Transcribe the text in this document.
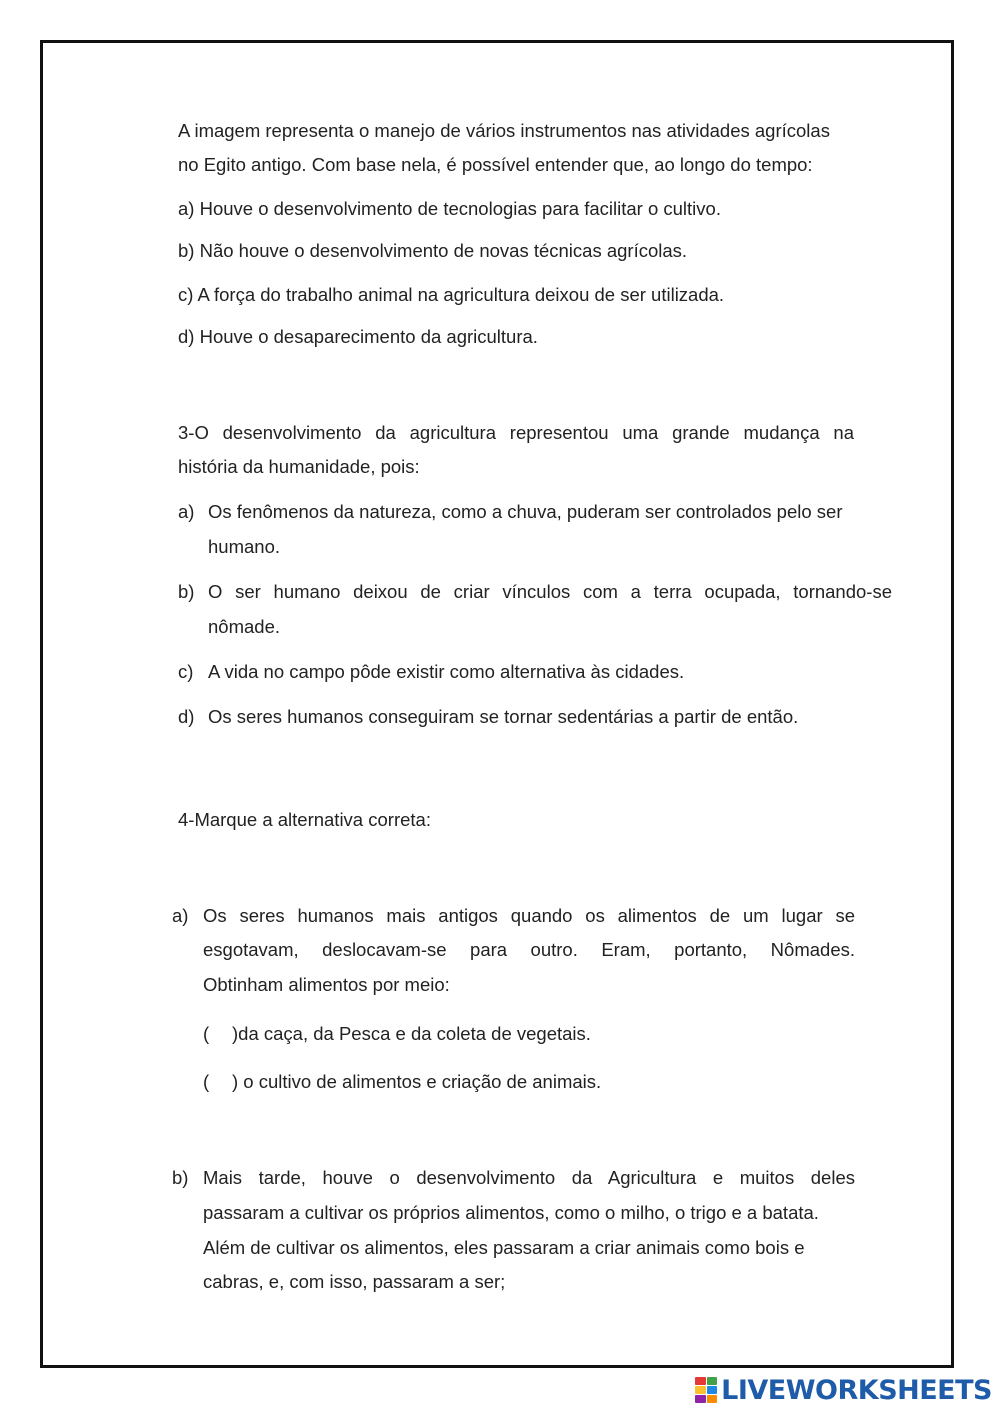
A imagem representa o manejo de vários instrumentos nas atividades agrícolas
no Egito antigo. Com base nela, é possível entender que, ao longo do tempo:
a) Houve o desenvolvimento de tecnologias para facilitar o cultivo.
b) Não houve o desenvolvimento de novas técnicas agrícolas.
c) A força do trabalho animal na agricultura deixou de ser utilizada.
d) Houve o desaparecimento da agricultura.
3-O desenvolvimento da agricultura representou uma grande mudança na
história da humanidade, pois:
a) Os fenômenos da natureza, como a chuva, puderam ser controlados pelo ser
humano.
b) O ser humano deixou de criar vínculos com a terra ocupada, tornando-se
nômade.
c) A vida no campo pôde existir como alternativa às cidades.
d) Os seres humanos conseguiram se tornar sedentárias a partir de então.
4-Marque a alternativa correta:
a) Os seres humanos mais antigos quando os alimentos de um lugar se
esgotavam, deslocavam-se para outro. Eram, portanto, Nômades.
Obtinham alimentos por meio:
( )da caça, da Pesca e da coleta de vegetais.
( ) o cultivo de alimentos e criação de animais.
b) Mais tarde, houve o desenvolvimento da Agricultura e muitos deles
passaram a cultivar os próprios alimentos, como o milho, o trigo e a batata.
Além de cultivar os alimentos, eles passaram a criar animais como bois e
cabras, e, com isso, passaram a ser;
LIVEWORKSHEETS
